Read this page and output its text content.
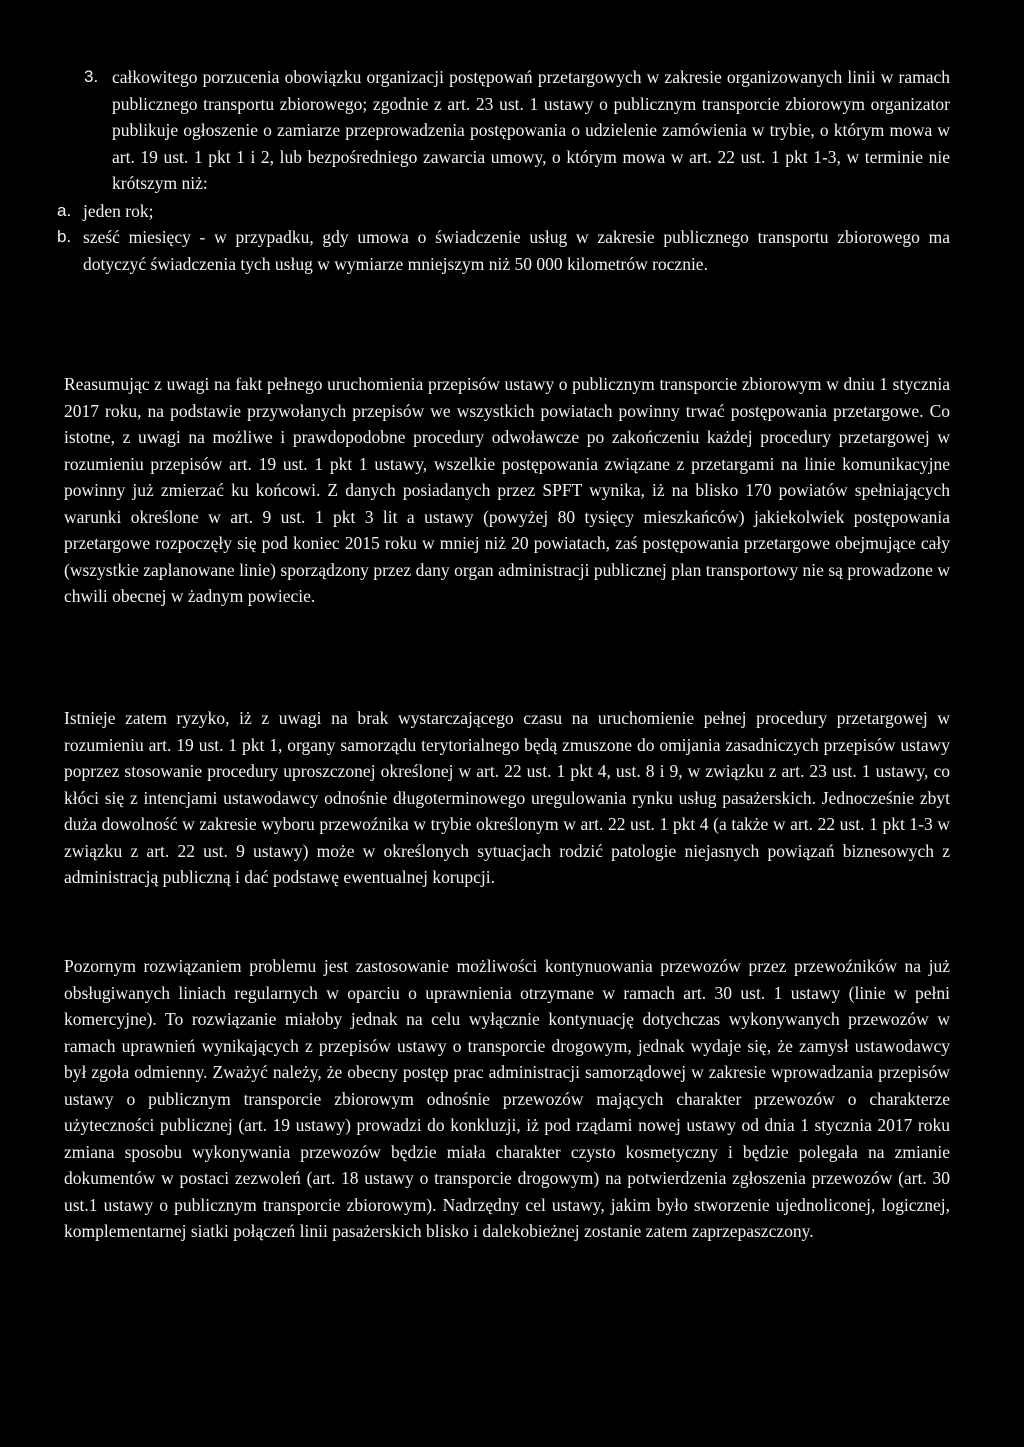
3. całkowitego porzucenia obowiązku organizacji postępowań przetargowych w zakresie organizowanych linii w ramach publicznego transportu zbiorowego; zgodnie z art. 23 ust. 1 ustawy o publicznym transporcie zbiorowym organizator publikuje ogłoszenie o zamiarze przeprowadzenia postępowania o udzielenie zamówienia w trybie, o którym mowa w art. 19 ust. 1 pkt 1 i 2, lub bezpośredniego zawarcia umowy, o którym mowa w art. 22 ust. 1 pkt 1-3, w terminie nie krótszym niż:
a. jeden rok;
b. sześć miesięcy - w przypadku, gdy umowa o świadczenie usług w zakresie publicznego transportu zbiorowego ma dotyczyć świadczenia tych usług w wymiarze mniejszym niż 50 000 kilometrów rocznie.

Reasumując z uwagi na fakt pełnego uruchomienia przepisów ustawy o publicznym transporcie zbiorowym w dniu 1 stycznia 2017 roku, na podstawie przywołanych przepisów we wszystkich powiatach powinny trwać postępowania przetargowe. Co istotne, z uwagi na możliwe i prawdopodobne procedury odwoławcze po zakończeniu każdej procedury przetargowej w rozumieniu przepisów art. 19 ust. 1 pkt 1 ustawy, wszelkie postępowania związane z przetargami na linie komunikacyjne powinny już zmierzać ku końcowi. Z danych posiadanych przez SPFT wynika, iż na blisko 170 powiatów spełniających warunki określone w art. 9 ust. 1 pkt 3 lit a ustawy (powyżej 80 tysięcy mieszkańców) jakiekolwiek postępowania przetargowe rozpoczęły się pod koniec 2015 roku w mniej niż 20 powiatach, zaś postępowania przetargowe obejmujące cały (wszystkie zaplanowane linie) sporządzony przez dany organ administracji publicznej plan transportowy nie są prowadzone w chwili obecnej w żadnym powiecie.

Istnieje zatem ryzyko, iż z uwagi na brak wystarczającego czasu na uruchomienie pełnej procedury przetargowej w rozumieniu art. 19 ust. 1 pkt 1, organy samorządu terytorialnego będą zmuszone do omijania zasadniczych przepisów ustawy poprzez stosowanie procedury uproszczonej określonej w art. 22 ust. 1 pkt 4, ust. 8 i 9, w związku z art. 23 ust. 1 ustawy, co kłóci się z intencjami ustawodawcy odnośnie długoterminowego uregulowania rynku usług pasażerskich. Jednocześnie zbyt duża dowolność w zakresie wyboru przewoźnika w trybie określonym w art. 22 ust. 1 pkt 4 (a także w art. 22 ust. 1 pkt 1-3 w związku z art. 22 ust. 9 ustawy) może w określonych sytuacjach rodzić patologie niejasnych powiązań biznesowych z administracją publiczną i dać podstawę ewentualnej korupcji.

Pozornym rozwiązaniem problemu jest zastosowanie możliwości kontynuowania przewozów przez przewoźników na już obsługiwanych liniach regularnych w oparciu o uprawnienia otrzymane w ramach art. 30 ust. 1 ustawy (linie w pełni komercyjne). To rozwiązanie miałoby jednak na celu wyłącznie kontynuację dotychczas wykonywanych przewozów w ramach uprawnień wynikających z przepisów ustawy o transporcie drogowym, jednak wydaje się, że zamysł ustawodawcy był zgoła odmienny. Zważyć należy, że obecny postęp prac administracji samorządowej w zakresie wprowadzania przepisów ustawy o publicznym transporcie zbiorowym odnośnie przewozów mających charakter przewozów o charakterze użyteczności publicznej (art. 19 ustawy) prowadzi do konkluzji, iż pod rządami nowej ustawy od dnia 1 stycznia 2017 roku zmiana sposobu wykonywania przewozów będzie miała charakter czysto kosmetyczny i będzie polegała na zmianie dokumentów w postaci zezwoleń (art. 18 ustawy o transporcie drogowym) na potwierdzenia zgłoszenia przewozów (art. 30 ust.1 ustawy o publicznym transporcie zbiorowym). Nadrzędny cel ustawy, jakim było stworzenie ujednoliconej, logicznej, komplementarnej siatki połączeń linii pasażerskich blisko i dalekobieżnej zostanie zatem zaprzepaszczony.
